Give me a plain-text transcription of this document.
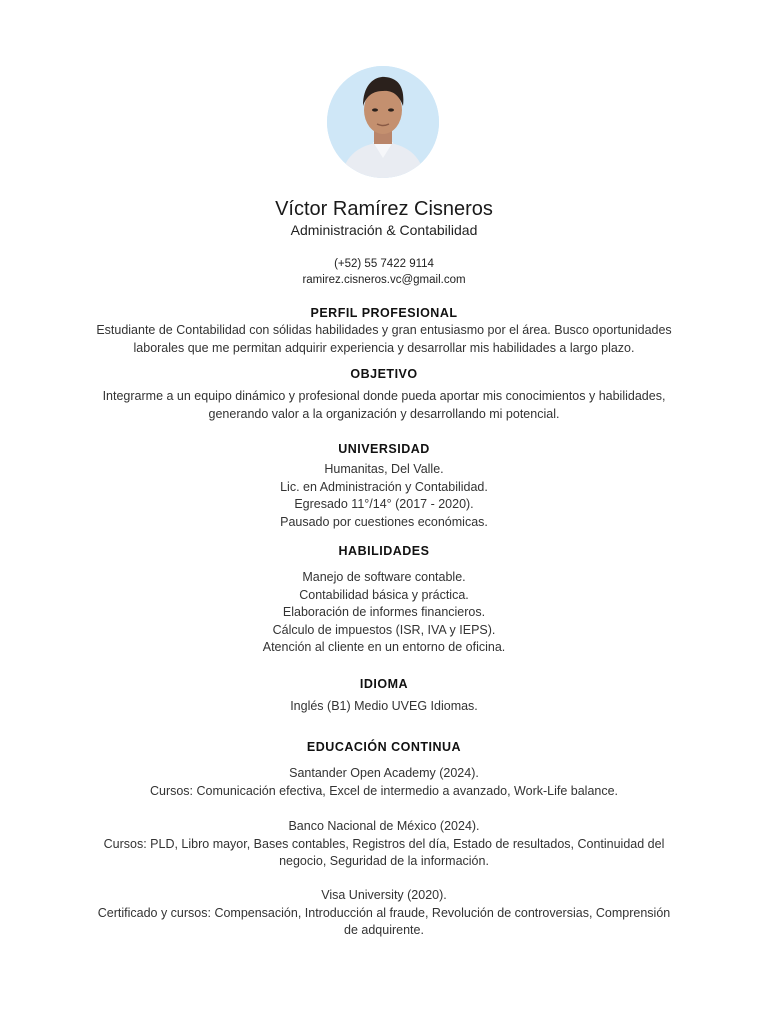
Víctor Ramírez Cisneros
Administración & Contabilidad
(+52) 55 7422 9114
ramirez.cisneros.vc@gmail.com
PERFIL PROFESIONAL
Estudiante de Contabilidad con sólidas habilidades y gran entusiasmo por el área. Busco oportunidades
laborales que me permitan adquirir experiencia y desarrollar mis habilidades a largo plazo.
OBJETIVO
Integrarme a un equipo dinámico y profesional donde pueda aportar mis conocimientos y habilidades,
generando valor a la organización y desarrollando mi potencial.
UNIVERSIDAD
Humanitas, Del Valle.
Lic. en Administración y Contabilidad.
Egresado 11°/14° (2017 - 2020).
Pausado por cuestiones económicas.
HABILIDADES
Manejo de software contable.
Contabilidad básica y práctica.
Elaboración de informes financieros.
Cálculo de impuestos (ISR, IVA y IEPS).
Atención al cliente en un entorno de oficina.
IDIOMA
Inglés (B1) Medio UVEG Idiomas.
EDUCACIÓN CONTINUA
Santander Open Academy (2024).
Cursos: Comunicación efectiva, Excel de intermedio a avanzado, Work-Life balance.
Banco Nacional de México (2024).
Cursos: PLD, Libro mayor, Bases contables, Registros del día, Estado de resultados, Continuidad del
negocio, Seguridad de la información.
Visa University (2020).
Certificado y cursos: Compensación, Introducción al fraude, Revolución de controversias, Comprensión
de adquirente.
